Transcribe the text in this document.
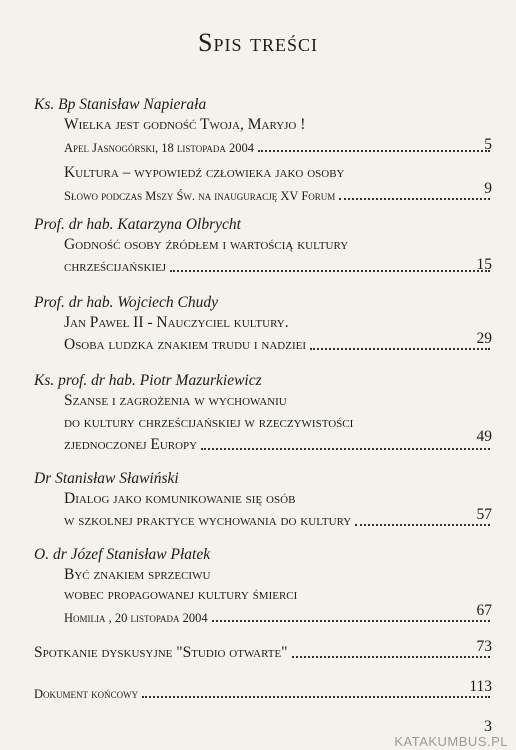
Spis treści
Ks. Bp Stanisław Napierała
Wielka jest godność Twoja, Maryjo !
Apel Jasnogórski, 18 listopada 2004	5
Kultura – wypowiedź człowieka jako osoby
Słowo podczas Mszy Św. na inaugurację XV Forum	9
Prof. dr hab. Katarzyna Olbrycht
Godność osoby źródłem i wartością kultury
chrześcijańskiej	15
Prof. dr hab. Wojciech Chudy
Jan Paweł II - Nauczyciel kultury.
Osoba ludzka znakiem trudu i nadziei	29
Ks. prof. dr hab. Piotr Mazurkiewicz
Szanse i zagrożenia w wychowaniu
do kultury chrześcijańskiej w rzeczywistości
zjednoczonej Europy	49
Dr Stanisław Sławiński
Dialog jako komunikowanie się osób
w szkolnej praktyce wychowania do kultury	57
O. dr Józef Stanisław Płatek
Być znakiem sprzeciwu
wobec propagowanej kultury śmierci
Homilia , 20 listopada 2004	67
Spotkanie dyskusyjne "Studio otwarte"	73
Dokument końcowy	113
3
KATAKUMBUS.PL
